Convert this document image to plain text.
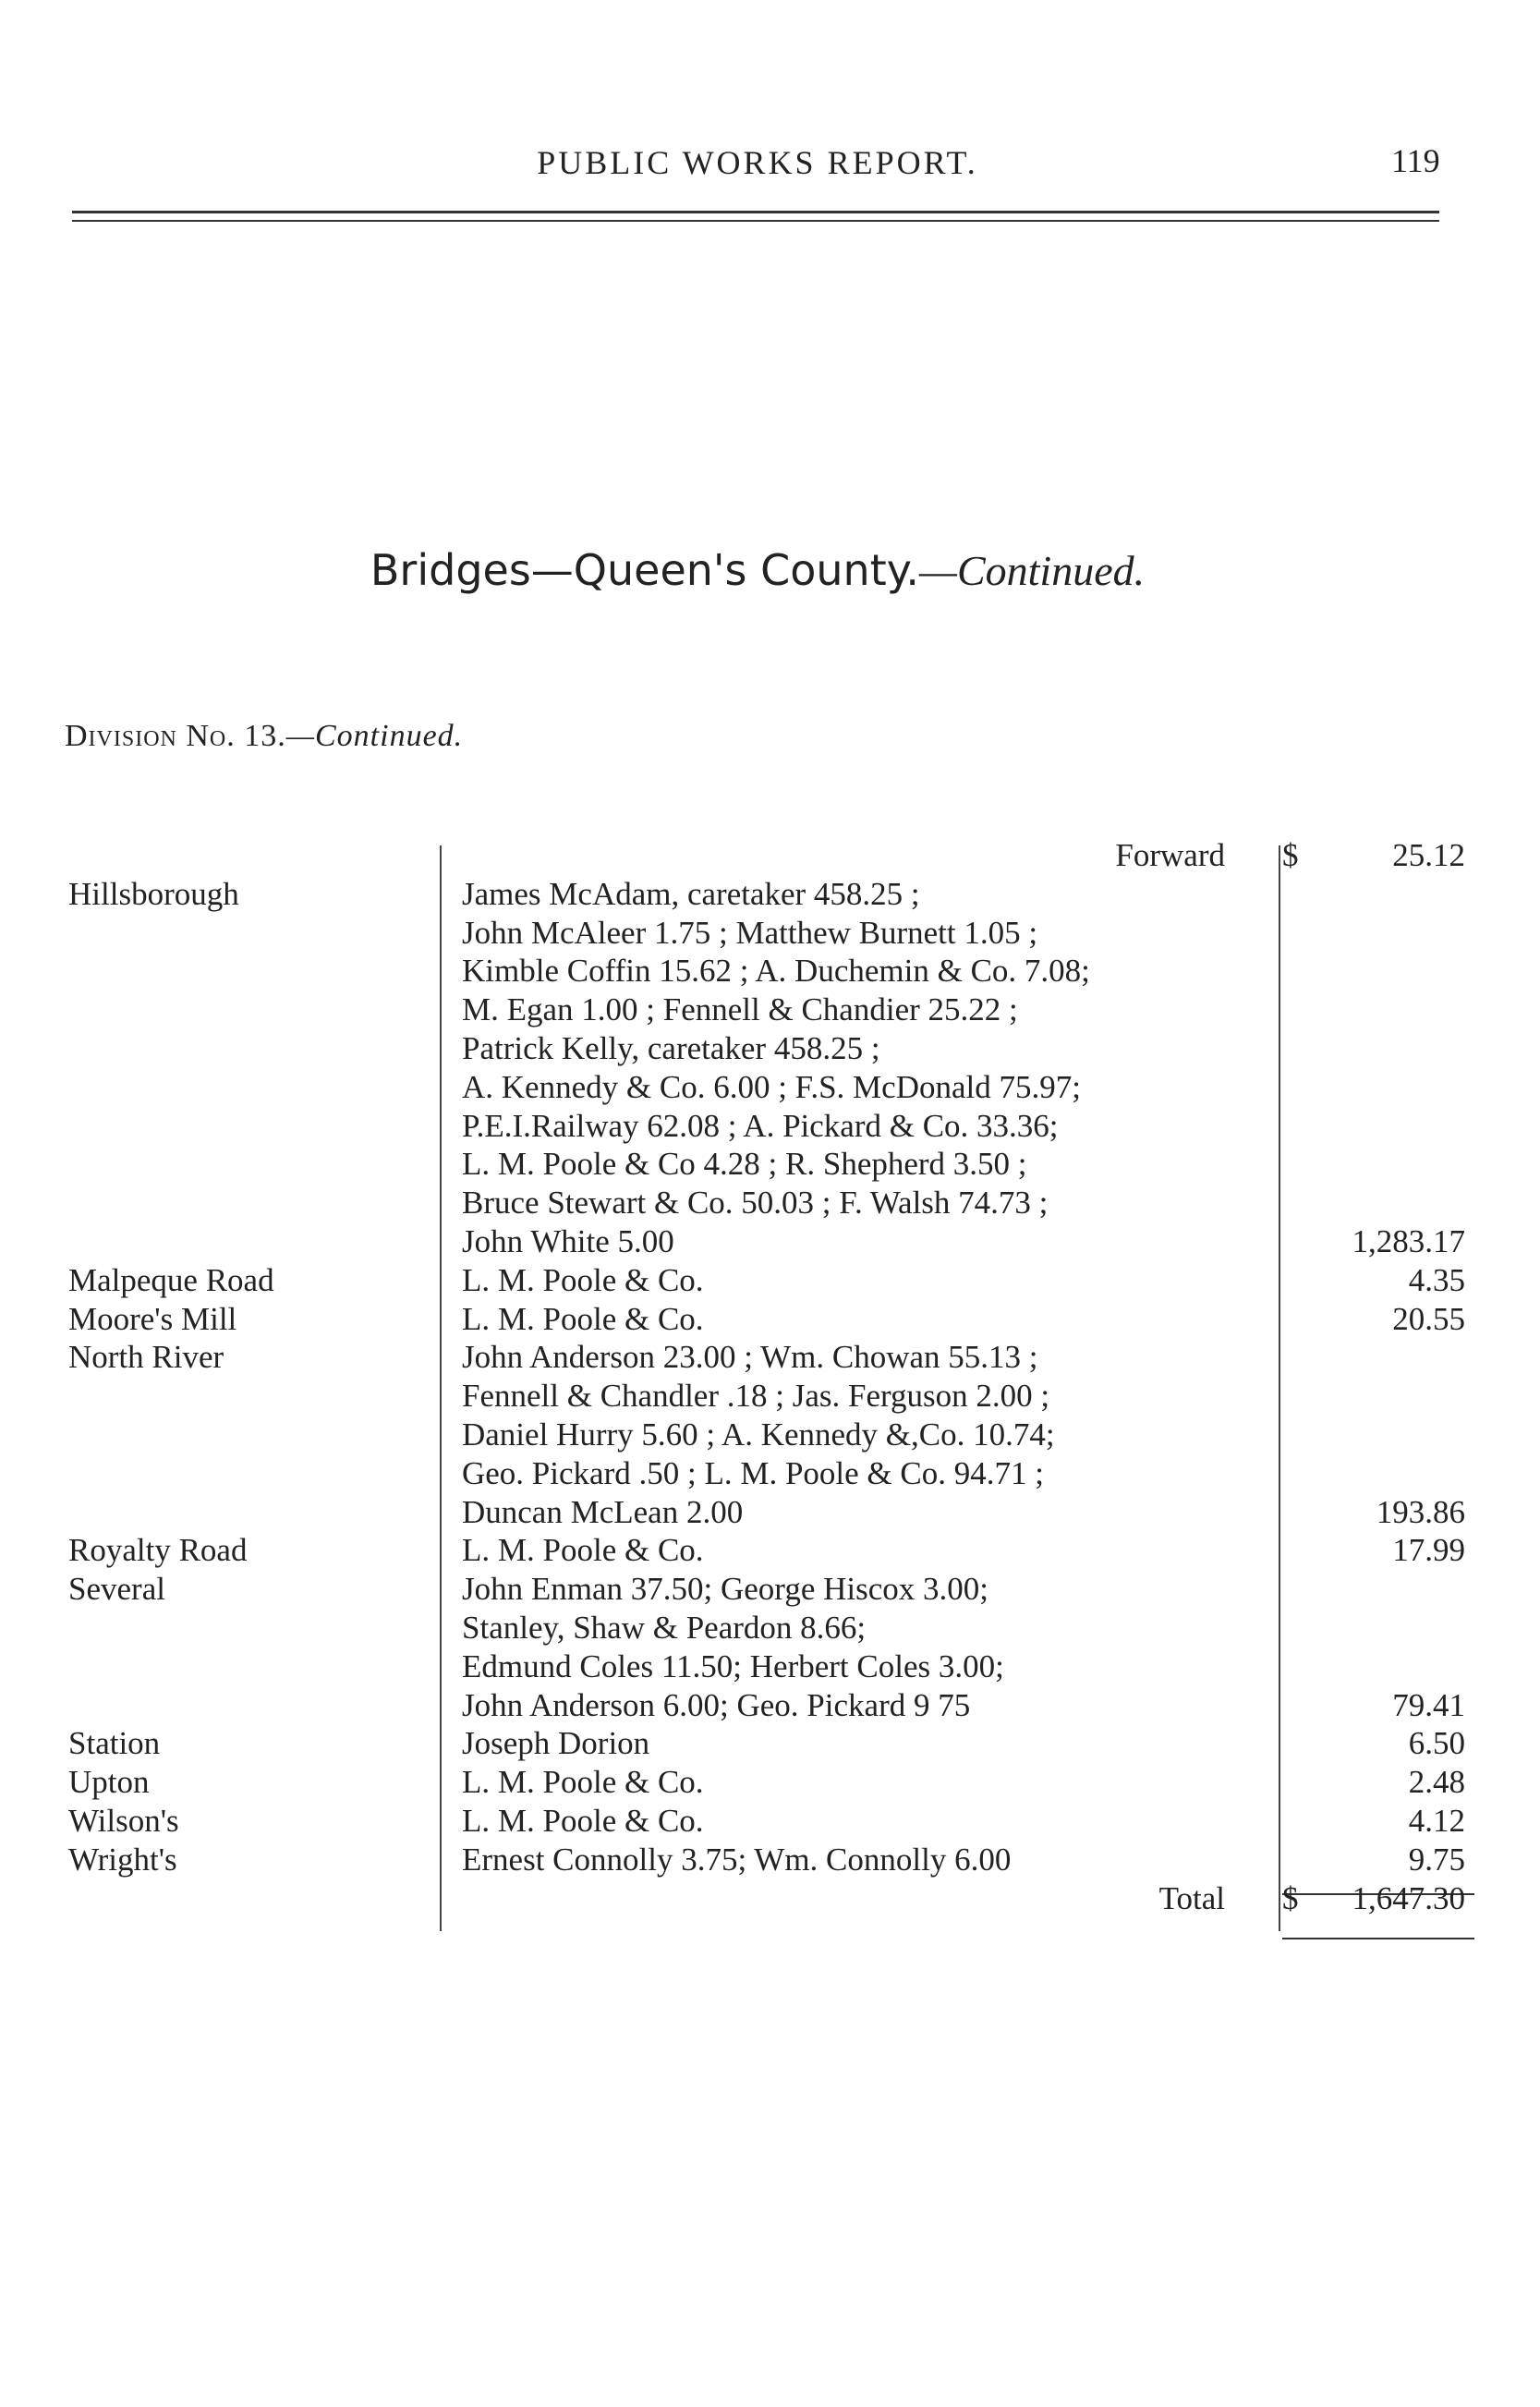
PUBLIC WORKS REPORT.	119
Bridges—Queen's County.—Continued.
Division No. 13.—Continued.
Forward $	25.12
Hillsborough	James McAdam, caretaker 458.25 ;
John McAleer 1.75 ; Matthew Burnett 1.05 ;
Kimble Coffin 15.62 ; A. Duchemin & Co. 7.08;
M. Egan 1.00 ; Fennell & Chandier 25.22 ;
Patrick Kelly, caretaker 458.25 ;
A. Kennedy & Co. 6.00 ; F.S. McDonald 75.97;
P.E.I.Railway 62.08 ; A. Pickard & Co. 33.36;
L. M. Poole & Co 4.28 ; R. Shepherd 3.50 ;
Bruce Stewart & Co. 50.03 ; F. Walsh 74.73 ;
John White 5.00	1,283.17
Malpeque Road	L. M. Poole & Co.	4.35
Moore's Mill	L. M. Poole & Co.	20.55
North River	John Anderson 23.00 ; Wm. Chowan 55.13 ;
Fennell & Chandler .18 ; Jas. Ferguson 2.00 ;
Daniel Hurry 5.60 ; A. Kennedy &,Co. 10.74;
Geo. Pickard .50 ; L. M. Poole & Co. 94.71 ;
Duncan McLean 2.00	193.86
Royalty Road	L. M. Poole & Co.	17.99
Several	John Enman 37.50; George Hiscox 3.00;
Stanley, Shaw & Peardon 8.66;
Edmund Coles 11.50; Herbert Coles 3.00;
John Anderson 6.00; Geo. Pickard 9 75	79.41
Station	Joseph Dorion	6.50
Upton	L. M. Poole & Co.	2.48
Wilson's	L. M. Poole & Co.	4.12
Wright's	Ernest Connolly 3.75; Wm. Connolly 6.00	9.75
Total $ 1,647.30
